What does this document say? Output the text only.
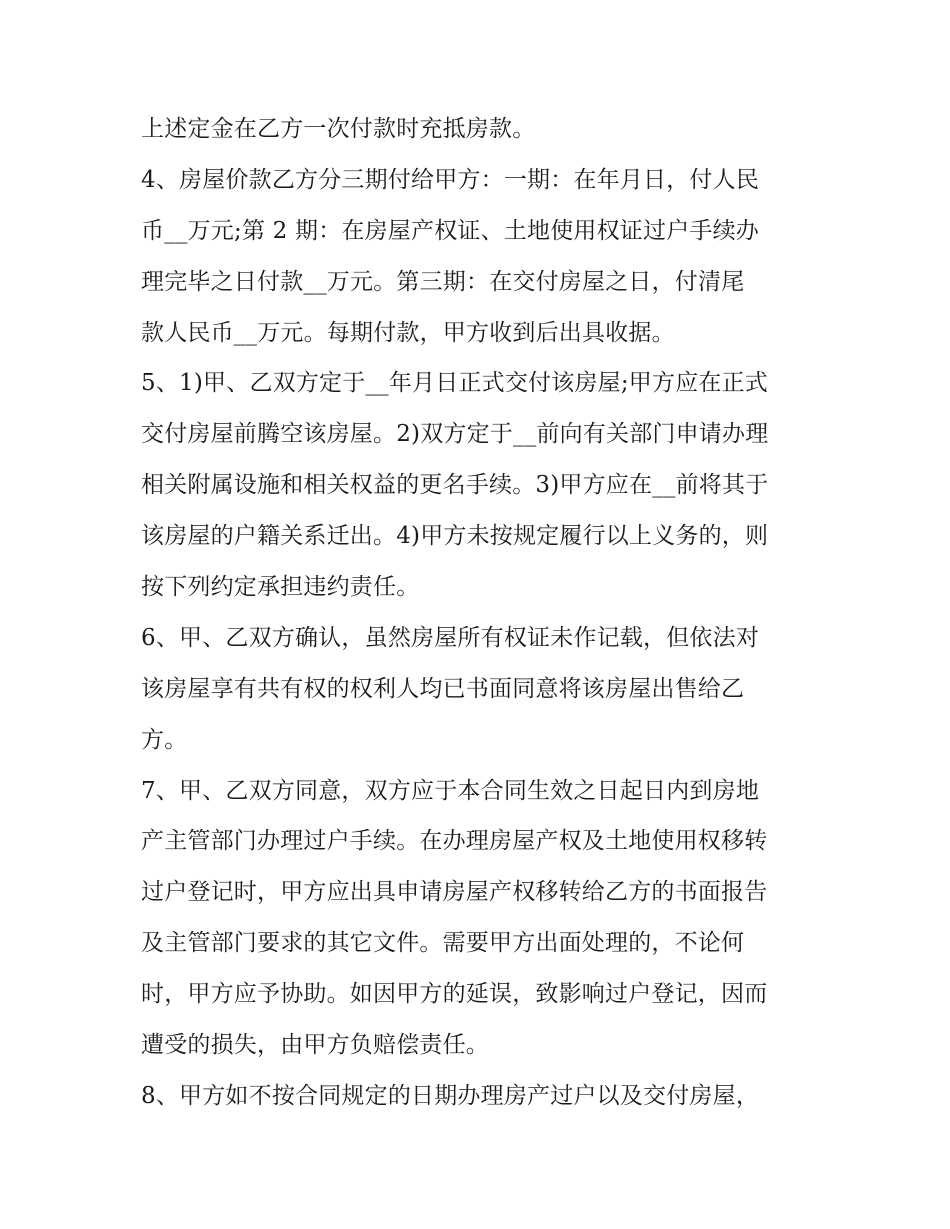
上述定金在乙方一次付款时充抵房款。
4、房屋价款乙方分三期付给甲方：一期：在年月日，付人民
币__万元;第 2 期：在房屋产权证、土地使用权证过户手续办
理完毕之日付款__万元。第三期：在交付房屋之日，付清尾
款人民币__万元。每期付款，甲方收到后出具收据。
5、1)甲、乙双方定于__年月日正式交付该房屋;甲方应在正式
交付房屋前腾空该房屋。2)双方定于__前向有关部门申请办理
相关附属设施和相关权益的更名手续。3)甲方应在__前将其于
该房屋的户籍关系迁出。4)甲方未按规定履行以上义务的，则
按下列约定承担违约责任。
6、甲、乙双方确认，虽然房屋所有权证未作记载，但依法对
该房屋享有共有权的权利人均已书面同意将该房屋出售给乙
方。
7、甲、乙双方同意，双方应于本合同生效之日起日内到房地
产主管部门办理过户手续。在办理房屋产权及土地使用权移转
过户登记时，甲方应出具申请房屋产权移转给乙方的书面报告
及主管部门要求的其它文件。需要甲方出面处理的，不论何
时，甲方应予协助。如因甲方的延误，致影响过户登记，因而
遭受的损失，由甲方负赔偿责任。
8、甲方如不按合同规定的日期办理房产过户以及交付房屋，
